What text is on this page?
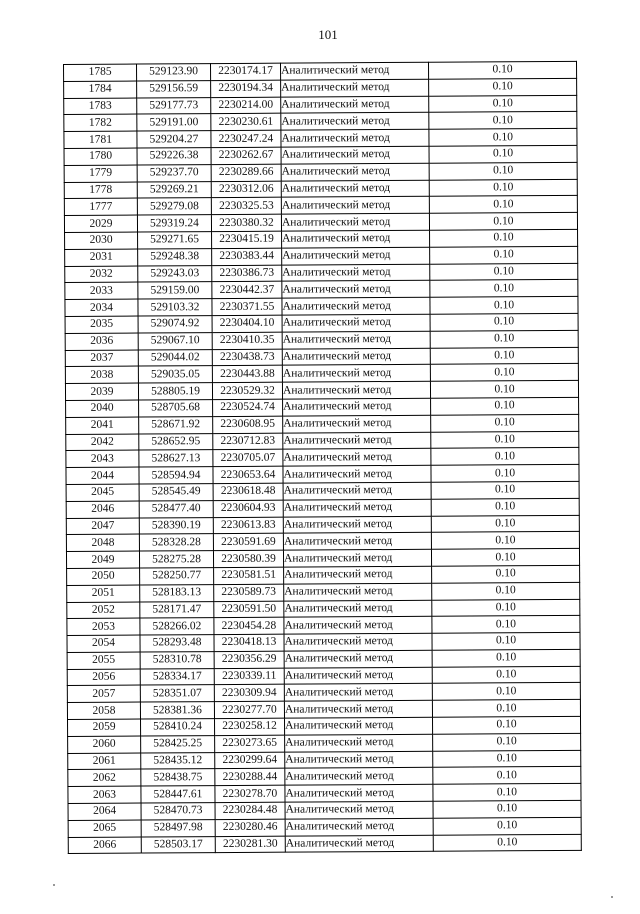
101
1785	529123.90	2230174.17	Аналитический метод	0.10
1784	529156.59	2230194.34	Аналитический метод	0.10
1783	529177.73	2230214.00	Аналитический метод	0.10
1782	529191.00	2230230.61	Аналитический метод	0.10
1781	529204.27	2230247.24	Аналитический метод	0.10
1780	529226.38	2230262.67	Аналитический метод	0.10
1779	529237.70	2230289.66	Аналитический метод	0.10
1778	529269.21	2230312.06	Аналитический метод	0.10
1777	529279.08	2230325.53	Аналитический метод	0.10
2029	529319.24	2230380.32	Аналитический метод	0.10
2030	529271.65	2230415.19	Аналитический метод	0.10
2031	529248.38	2230383.44	Аналитический метод	0.10
2032	529243.03	2230386.73	Аналитический метод	0.10
2033	529159.00	2230442.37	Аналитический метод	0.10
2034	529103.32	2230371.55	Аналитический метод	0.10
2035	529074.92	2230404.10	Аналитический метод	0.10
2036	529067.10	2230410.35	Аналитический метод	0.10
2037	529044.02	2230438.73	Аналитический метод	0.10
2038	529035.05	2230443.88	Аналитический метод	0.10
2039	528805.19	2230529.32	Аналитический метод	0.10
2040	528705.68	2230524.74	Аналитический метод	0.10
2041	528671.92	2230608.95	Аналитический метод	0.10
2042	528652.95	2230712.83	Аналитический метод	0.10
2043	528627.13	2230705.07	Аналитический метод	0.10
2044	528594.94	2230653.64	Аналитический метод	0.10
2045	528545.49	2230618.48	Аналитический метод	0.10
2046	528477.40	2230604.93	Аналитический метод	0.10
2047	528390.19	2230613.83	Аналитический метод	0.10
2048	528328.28	2230591.69	Аналитический метод	0.10
2049	528275.28	2230580.39	Аналитический метод	0.10
2050	528250.77	2230581.51	Аналитический метод	0.10
2051	528183.13	2230589.73	Аналитический метод	0.10
2052	528171.47	2230591.50	Аналитический метод	0.10
2053	528266.02	2230454.28	Аналитический метод	0.10
2054	528293.48	2230418.13	Аналитический метод	0.10
2055	528310.78	2230356.29	Аналитический метод	0.10
2056	528334.17	2230339.11	Аналитический метод	0.10
2057	528351.07	2230309.94	Аналитический метод	0.10
2058	528381.36	2230277.70	Аналитический метод	0.10
2059	528410.24	2230258.12	Аналитический метод	0.10
2060	528425.25	2230273.65	Аналитический метод	0.10
2061	528435.12	2230299.64	Аналитический метод	0.10
2062	528438.75	2230288.44	Аналитический метод	0.10
2063	528447.61	2230278.70	Аналитический метод	0.10
2064	528470.73	2230284.48	Аналитический метод	0.10
2065	528497.98	2230280.46	Аналитический метод	0.10
2066	528503.17	2230281.30	Аналитический метод	0.10
